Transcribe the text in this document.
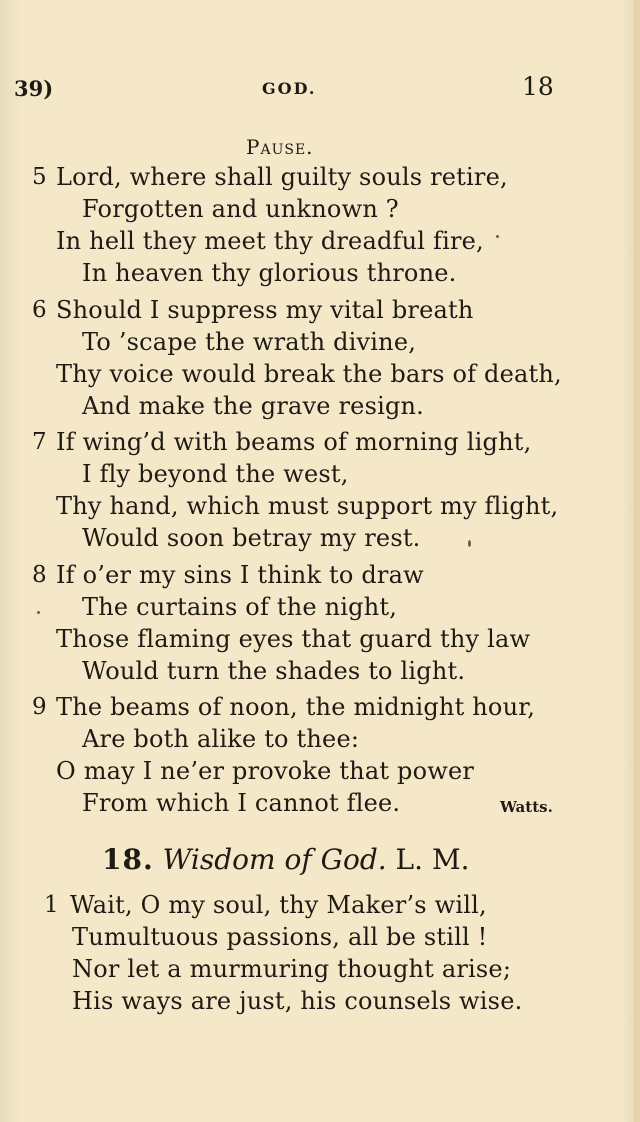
39)	GOD.	18
Pause.
5 Lord, where shall guilty souls retire,
Forgotten and unknown ?
In hell they meet thy dreadful fire,
In heaven thy glorious throne.
6 Should I suppress my vital breath
To ’scape the wrath divine,
Thy voice would break the bars of death,
And make the grave resign.
7 If wing’d with beams of morning light,
I fly beyond the west,
Thy hand, which must support my flight,
Would soon betray my rest.
8 If o’er my sins I think to draw
The curtains of the night,
Those flaming eyes that guard thy law
Would turn the shades to light.
9 The beams of noon, the midnight hour,
Are both alike to thee:
O may I ne’er provoke that power
From which I cannot flee.	Watts.
18. Wisdom of God. L. M.
1 Wait, O my soul, thy Maker’s will,
Tumultuous passions, all be still !
Nor let a murmuring thought arise;
His ways are just, his counsels wise.
